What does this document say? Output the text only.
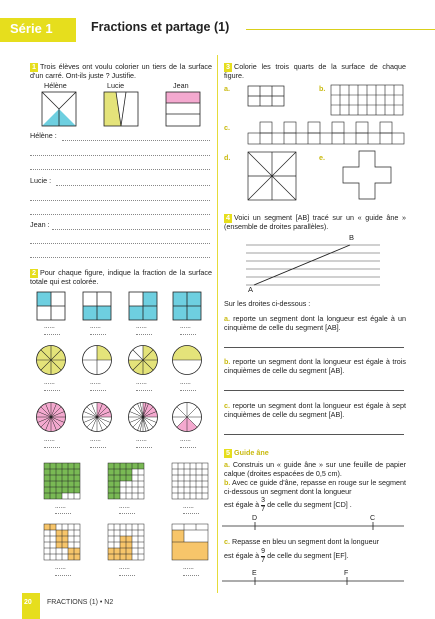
Série 1	Fractions et partage (1)
1 Trois élèves ont voulu colorier un tiers de la surface d'un carré. Ont-ils juste ? Justifie.
Hélène	Lucie	Jean
Hélène :
Lucie :
Jean :
2 Pour chaque figure, indique la fraction de la surface totale qui est colorée.
......	......	......	......
......	......	......	......
......	......	......	......
......	......	......
......	......	......
3 Colorie les trois quarts de la surface de chaque figure.
a.	b.
c.
d.	e.
4 Voici un segment [AB] tracé sur un « guide âne » (ensemble de droites parallèles).
A
B
Sur les droites ci-dessous :
a. reporte un segment dont la longueur est égale à un cinquième de celle du segment [AB].
b. reporte un segment dont la longueur est égale à trois cinquièmes de celle du segment [AB].
c. reporte un segment dont la longueur est égale à sept cinquièmes de celle du segment [AB].
5 Guide âne
a. Construis un « guide âne » sur une feuille de papier calque (droites espacées de 0,5 cm).
b. Avec ce guide d'âne, repasse en rouge sur le segment ci-dessous un segment dont la longueur
est égale à $\frac{3}{7}$ de celle du segment [CD] .
D	C
c. Repasse en bleu un segment dont la longueur
est égale à $\frac{9}{7}$ de celle du segment [EF].
E	F
20 FRACTIONS (1) • N2
